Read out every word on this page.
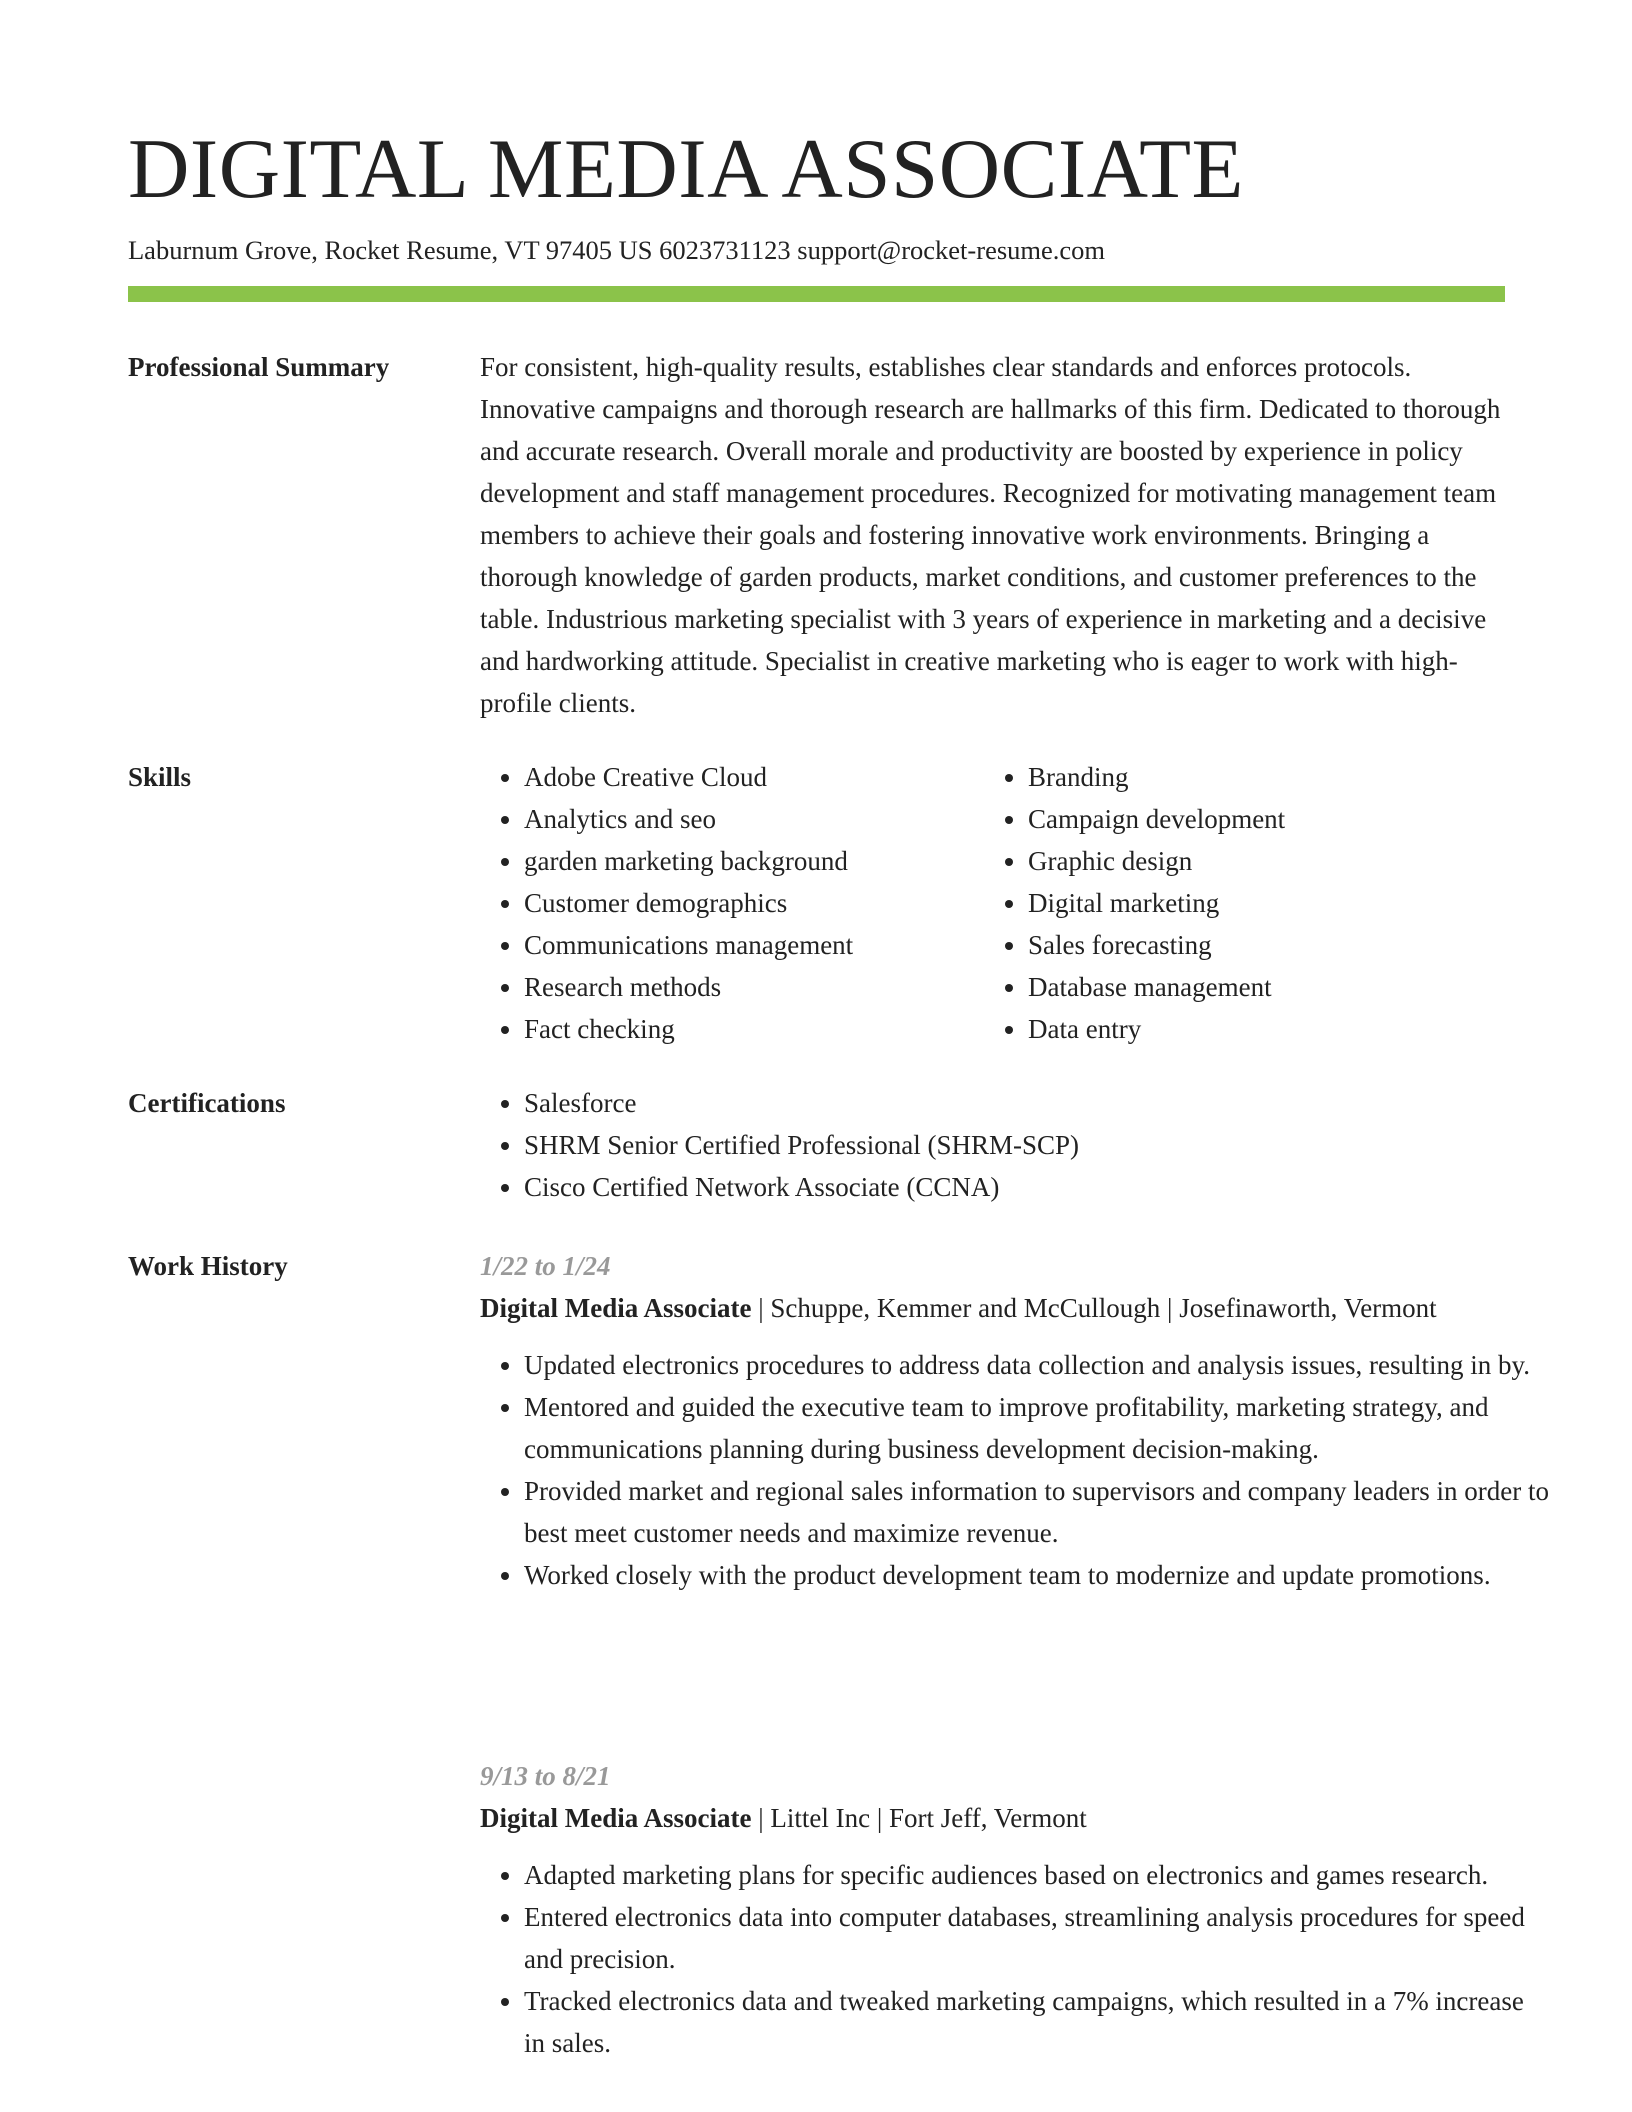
DIGITAL MEDIA ASSOCIATE
Laburnum Grove, Rocket Resume, VT 97405 US 6023731123 support@rocket-resume.com
Professional Summary	For consistent, high-quality results, establishes clear standards and enforces protocols. Innovative campaigns and thorough research are hallmarks of this firm. Dedicated to thorough and accurate research. Overall morale and productivity are boosted by experience in policy development and staff management procedures. Recognized for motivating management team members to achieve their goals and fostering innovative work environments. Bringing a thorough knowledge of garden products, market conditions, and customer preferences to the table. Industrious marketing specialist with 3 years of experience in marketing and a decisive and hardworking attitude. Specialist in creative marketing who is eager to work with high-profile clients.
Skills	• Adobe Creative Cloud
• Analytics and seo
• garden marketing background
• Customer demographics
• Communications management
• Research methods
• Fact checking
• Branding
• Campaign development
• Graphic design
• Digital marketing
• Sales forecasting
• Database management
• Data entry
Certifications	• Salesforce
• SHRM Senior Certified Professional (SHRM-SCP)
• Cisco Certified Network Associate (CCNA)
Work History	1/22 to 1/24
Digital Media Associate | Schuppe, Kemmer and McCullough | Josefinaworth, Vermont
• Updated electronics procedures to address data collection and analysis issues, resulting in by.
• Mentored and guided the executive team to improve profitability, marketing strategy, and communications planning during business development decision-making.
• Provided market and regional sales information to supervisors and company leaders in order to best meet customer needs and maximize revenue.
• Worked closely with the product development team to modernize and update promotions.
9/13 to 8/21
Digital Media Associate | Littel Inc | Fort Jeff, Vermont
• Adapted marketing plans for specific audiences based on electronics and games research.
• Entered electronics data into computer databases, streamlining analysis procedures for speed and precision.
• Tracked electronics data and tweaked marketing campaigns, which resulted in a 7% increase in sales.
